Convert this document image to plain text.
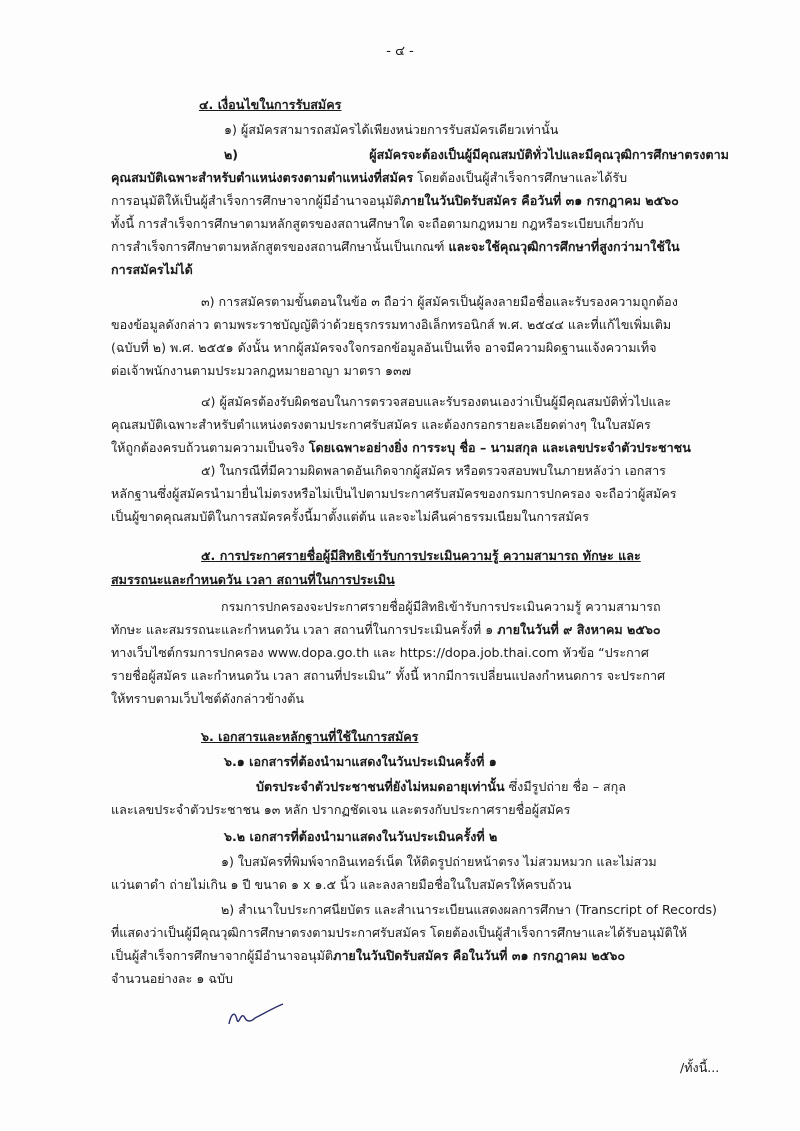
- ๔ -
๔. เงื่อนไขในการรับสมัคร
๑) ผู้สมัครสามารถสมัครได้เพียงหน่วยการรับสมัครเดียวเท่านั้น
๒) ผู้สมัครจะต้องเป็นผู้มีคุณสมบัติทั่วไปและมีคุณวุฒิการศึกษาตรงตาม
คุณสมบัติเฉพาะสำหรับตำแหน่งตรงตามตำแหน่งที่สมัคร โดยต้องเป็นผู้สำเร็จการศึกษาและได้รับ
การอนุมัติให้เป็นผู้สำเร็จการศึกษาจากผู้มีอำนาจอนุมัติภายในวันปิดรับสมัคร คือวันที่ ๓๑ กรกฎาคม ๒๕๖๐
ทั้งนี้ การสำเร็จการศึกษาตามหลักสูตรของสถานศึกษาใด จะถือตามกฎหมาย กฎหรือระเบียบเกี่ยวกับ
การสำเร็จการศึกษาตามหลักสูตรของสถานศึกษานั้นเป็นเกณฑ์ และจะใช้คุณวุฒิการศึกษาที่สูงกว่ามาใช้ใน
การสมัครไม่ได้
๓) การสมัครตามขั้นตอนในข้อ ๓ ถือว่า ผู้สมัครเป็นผู้ลงลายมือชื่อและรับรองความถูกต้อง
ของข้อมูลดังกล่าว ตามพระราชบัญญัติว่าด้วยธุรกรรมทางอิเล็กทรอนิกส์ พ.ศ. ๒๕๔๔ และที่แก้ไขเพิ่มเติม
(ฉบับที่ ๒) พ.ศ. ๒๕๕๑ ดังนั้น หากผู้สมัครจงใจกรอกข้อมูลอันเป็นเท็จ อาจมีความผิดฐานแจ้งความเท็จ
ต่อเจ้าพนักงานตามประมวลกฎหมายอาญา มาตรา ๑๓๗
๔) ผู้สมัครต้องรับผิดชอบในการตรวจสอบและรับรองตนเองว่าเป็นผู้มีคุณสมบัติทั่วไปและ
คุณสมบัติเฉพาะสำหรับตำแหน่งตรงตามประกาศรับสมัคร และต้องกรอกรายละเอียดต่างๆ ในใบสมัคร
ให้ถูกต้องครบถ้วนตามความเป็นจริง โดยเฉพาะอย่างยิ่ง การระบุ ชื่อ – นามสกุล และเลขประจำตัวประชาชน
๕) ในกรณีที่มีความผิดพลาดอันเกิดจากผู้สมัคร หรือตรวจสอบพบในภายหลังว่า เอกสาร
หลักฐานซึ่งผู้สมัครนำมายื่นไม่ตรงหรือไม่เป็นไปตามประกาศรับสมัครของกรมการปกครอง จะถือว่าผู้สมัคร
เป็นผู้ขาดคุณสมบัติในการสมัครครั้งนี้มาตั้งแต่ต้น และจะไม่คืนค่าธรรมเนียมในการสมัคร
๕. การประกาศรายชื่อผู้มีสิทธิเข้ารับการประเมินความรู้ ความสามารถ ทักษะ และ
สมรรถนะและกำหนดวัน เวลา สถานที่ในการประเมิน
กรมการปกครองจะประกาศรายชื่อผู้มีสิทธิเข้ารับการประเมินความรู้ ความสามารถ
ทักษะ และสมรรถนะและกำหนดวัน เวลา สถานที่ในการประเมินครั้งที่ ๑ ภายในวันที่ ๙ สิงหาคม ๒๕๖๐
ทางเว็บไซต์กรมการปกครอง www.dopa.go.th และ https://dopa.job.thai.com หัวข้อ “ประกาศ
รายชื่อผู้สมัคร และกำหนดวัน เวลา สถานที่ประเมิน” ทั้งนี้ หากมีการเปลี่ยนแปลงกำหนดการ จะประกาศ
ให้ทราบตามเว็บไซต์ดังกล่าวข้างต้น
๖. เอกสารและหลักฐานที่ใช้ในการสมัคร
๖.๑ เอกสารที่ต้องนำมาแสดงในวันประเมินครั้งที่ ๑
บัตรประจำตัวประชาชนที่ยังไม่หมดอายุเท่านั้น ซึ่งมีรูปถ่าย ชื่อ – สกุล
และเลขประจำตัวประชาชน ๑๓ หลัก ปรากฏชัดเจน และตรงกับประกาศรายชื่อผู้สมัคร
๖.๒ เอกสารที่ต้องนำมาแสดงในวันประเมินครั้งที่ ๒
๑) ใบสมัครที่พิมพ์จากอินเทอร์เน็ต ให้ติดรูปถ่ายหน้าตรง ไม่สวมหมวก และไม่สวม
แว่นตาดำ ถ่ายไม่เกิน ๑ ปี ขนาด ๑ x ๑.๕ นิ้ว และลงลายมือชื่อในใบสมัครให้ครบถ้วน
๒) สำเนาใบประกาศนียบัตร และสำเนาระเบียนแสดงผลการศึกษา (Transcript of Records)
ที่แสดงว่าเป็นผู้มีคุณวุฒิการศึกษาตรงตามประกาศรับสมัคร โดยต้องเป็นผู้สำเร็จการศึกษาและได้รับอนุมัติให้
เป็นผู้สำเร็จการศึกษาจากผู้มีอำนาจอนุมัติภายในวันปิดรับสมัคร คือในวันที่ ๓๑ กรกฎาคม ๒๕๖๐
จำนวนอย่างละ ๑ ฉบับ
/ทั้งนี้...
